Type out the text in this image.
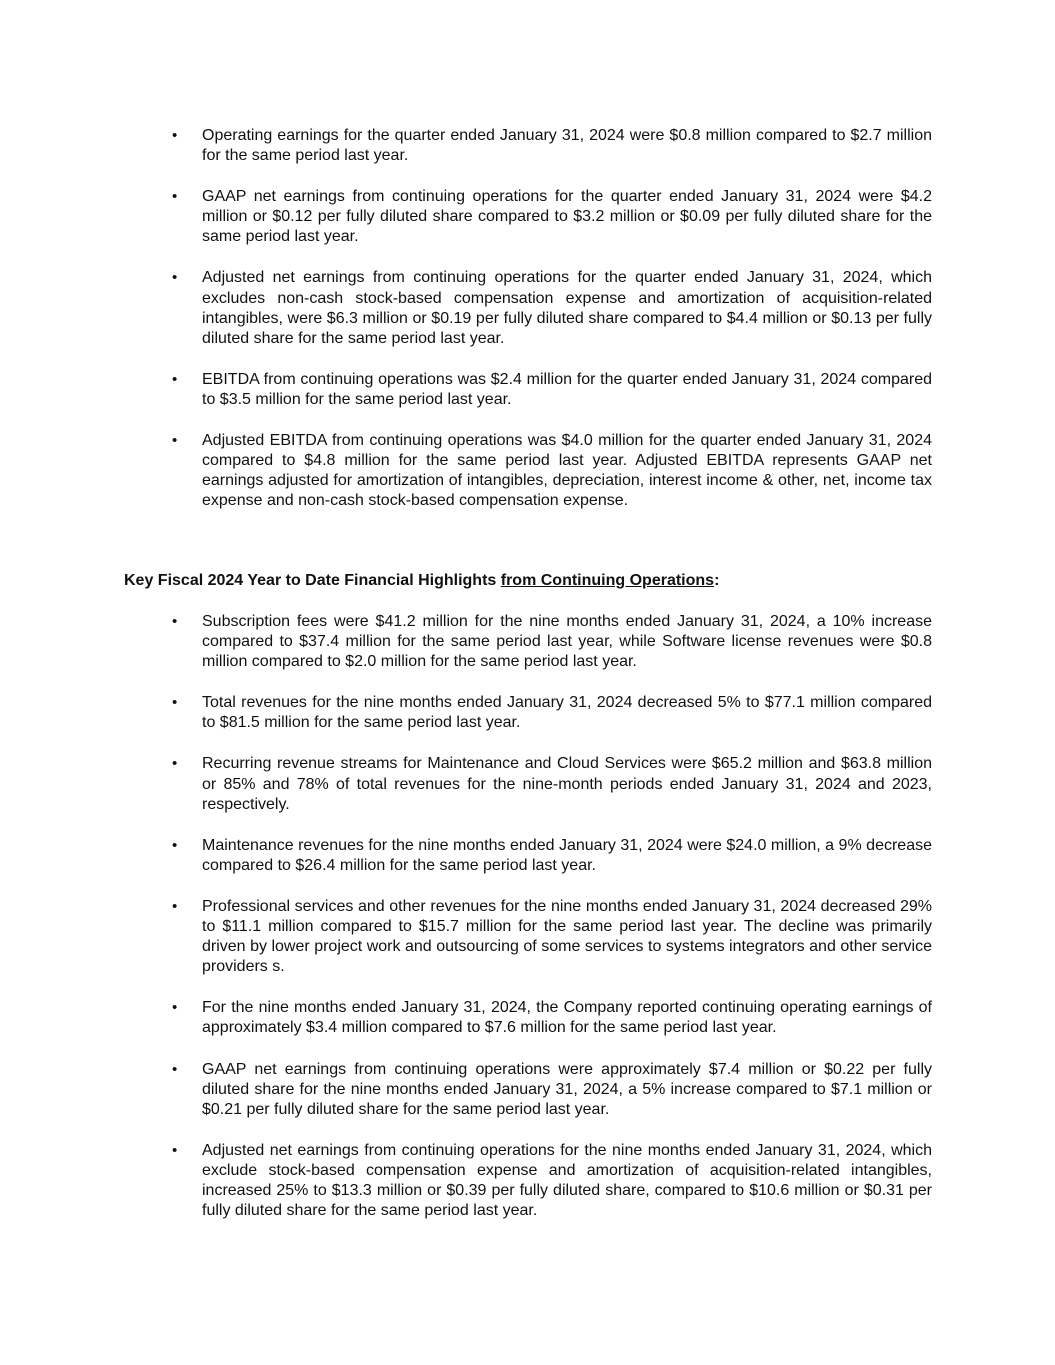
• Operating earnings for the quarter ended January 31, 2024 were $0.8 million compared to $2.7 million for the same period last year.
• GAAP net earnings from continuing operations for the quarter ended January 31, 2024 were $4.2 million or $0.12 per fully diluted share compared to $3.2 million or $0.09 per fully diluted share for the same period last year.
• Adjusted net earnings from continuing operations for the quarter ended January 31, 2024, which excludes non-cash stock-based compensation expense and amortization of acquisition-related intangibles, were $6.3 million or $0.19 per fully diluted share compared to $4.4 million or $0.13 per fully diluted share for the same period last year.
• EBITDA from continuing operations was $2.4 million for the quarter ended January 31, 2024 compared to $3.5 million for the same period last year.
• Adjusted EBITDA from continuing operations was $4.0 million for the quarter ended January 31, 2024 compared to $4.8 million for the same period last year. Adjusted EBITDA represents GAAP net earnings adjusted for amortization of intangibles, depreciation, interest income & other, net, income tax expense and non-cash stock-based compensation expense.
Key Fiscal 2024 Year to Date Financial Highlights from Continuing Operations:
• Subscription fees were $41.2 million for the nine months ended January 31, 2024, a 10% increase compared to $37.4 million for the same period last year, while Software license revenues were $0.8 million compared to $2.0 million for the same period last year.
• Total revenues for the nine months ended January 31, 2024 decreased 5% to $77.1 million compared to $81.5 million for the same period last year.
• Recurring revenue streams for Maintenance and Cloud Services were $65.2 million and $63.8 million or 85% and 78% of total revenues for the nine-month periods ended January 31, 2024 and 2023, respectively.
• Maintenance revenues for the nine months ended January 31, 2024 were $24.0 million, a 9% decrease compared to $26.4 million for the same period last year.
• Professional services and other revenues for the nine months ended January 31, 2024 decreased 29% to $11.1 million compared to $15.7 million for the same period last year. The decline was primarily driven by lower project work and outsourcing of some services to systems integrators and other service providers s.
• For the nine months ended January 31, 2024, the Company reported continuing operating earnings of approximately $3.4 million compared to $7.6 million for the same period last year.
• GAAP net earnings from continuing operations were approximately $7.4 million or $0.22 per fully diluted share for the nine months ended January 31, 2024, a 5% increase compared to $7.1 million or $0.21 per fully diluted share for the same period last year.
• Adjusted net earnings from continuing operations for the nine months ended January 31, 2024, which exclude stock-based compensation expense and amortization of acquisition-related intangibles, increased 25% to $13.3 million or $0.39 per fully diluted share, compared to $10.6 million or $0.31 per fully diluted share for the same period last year.
